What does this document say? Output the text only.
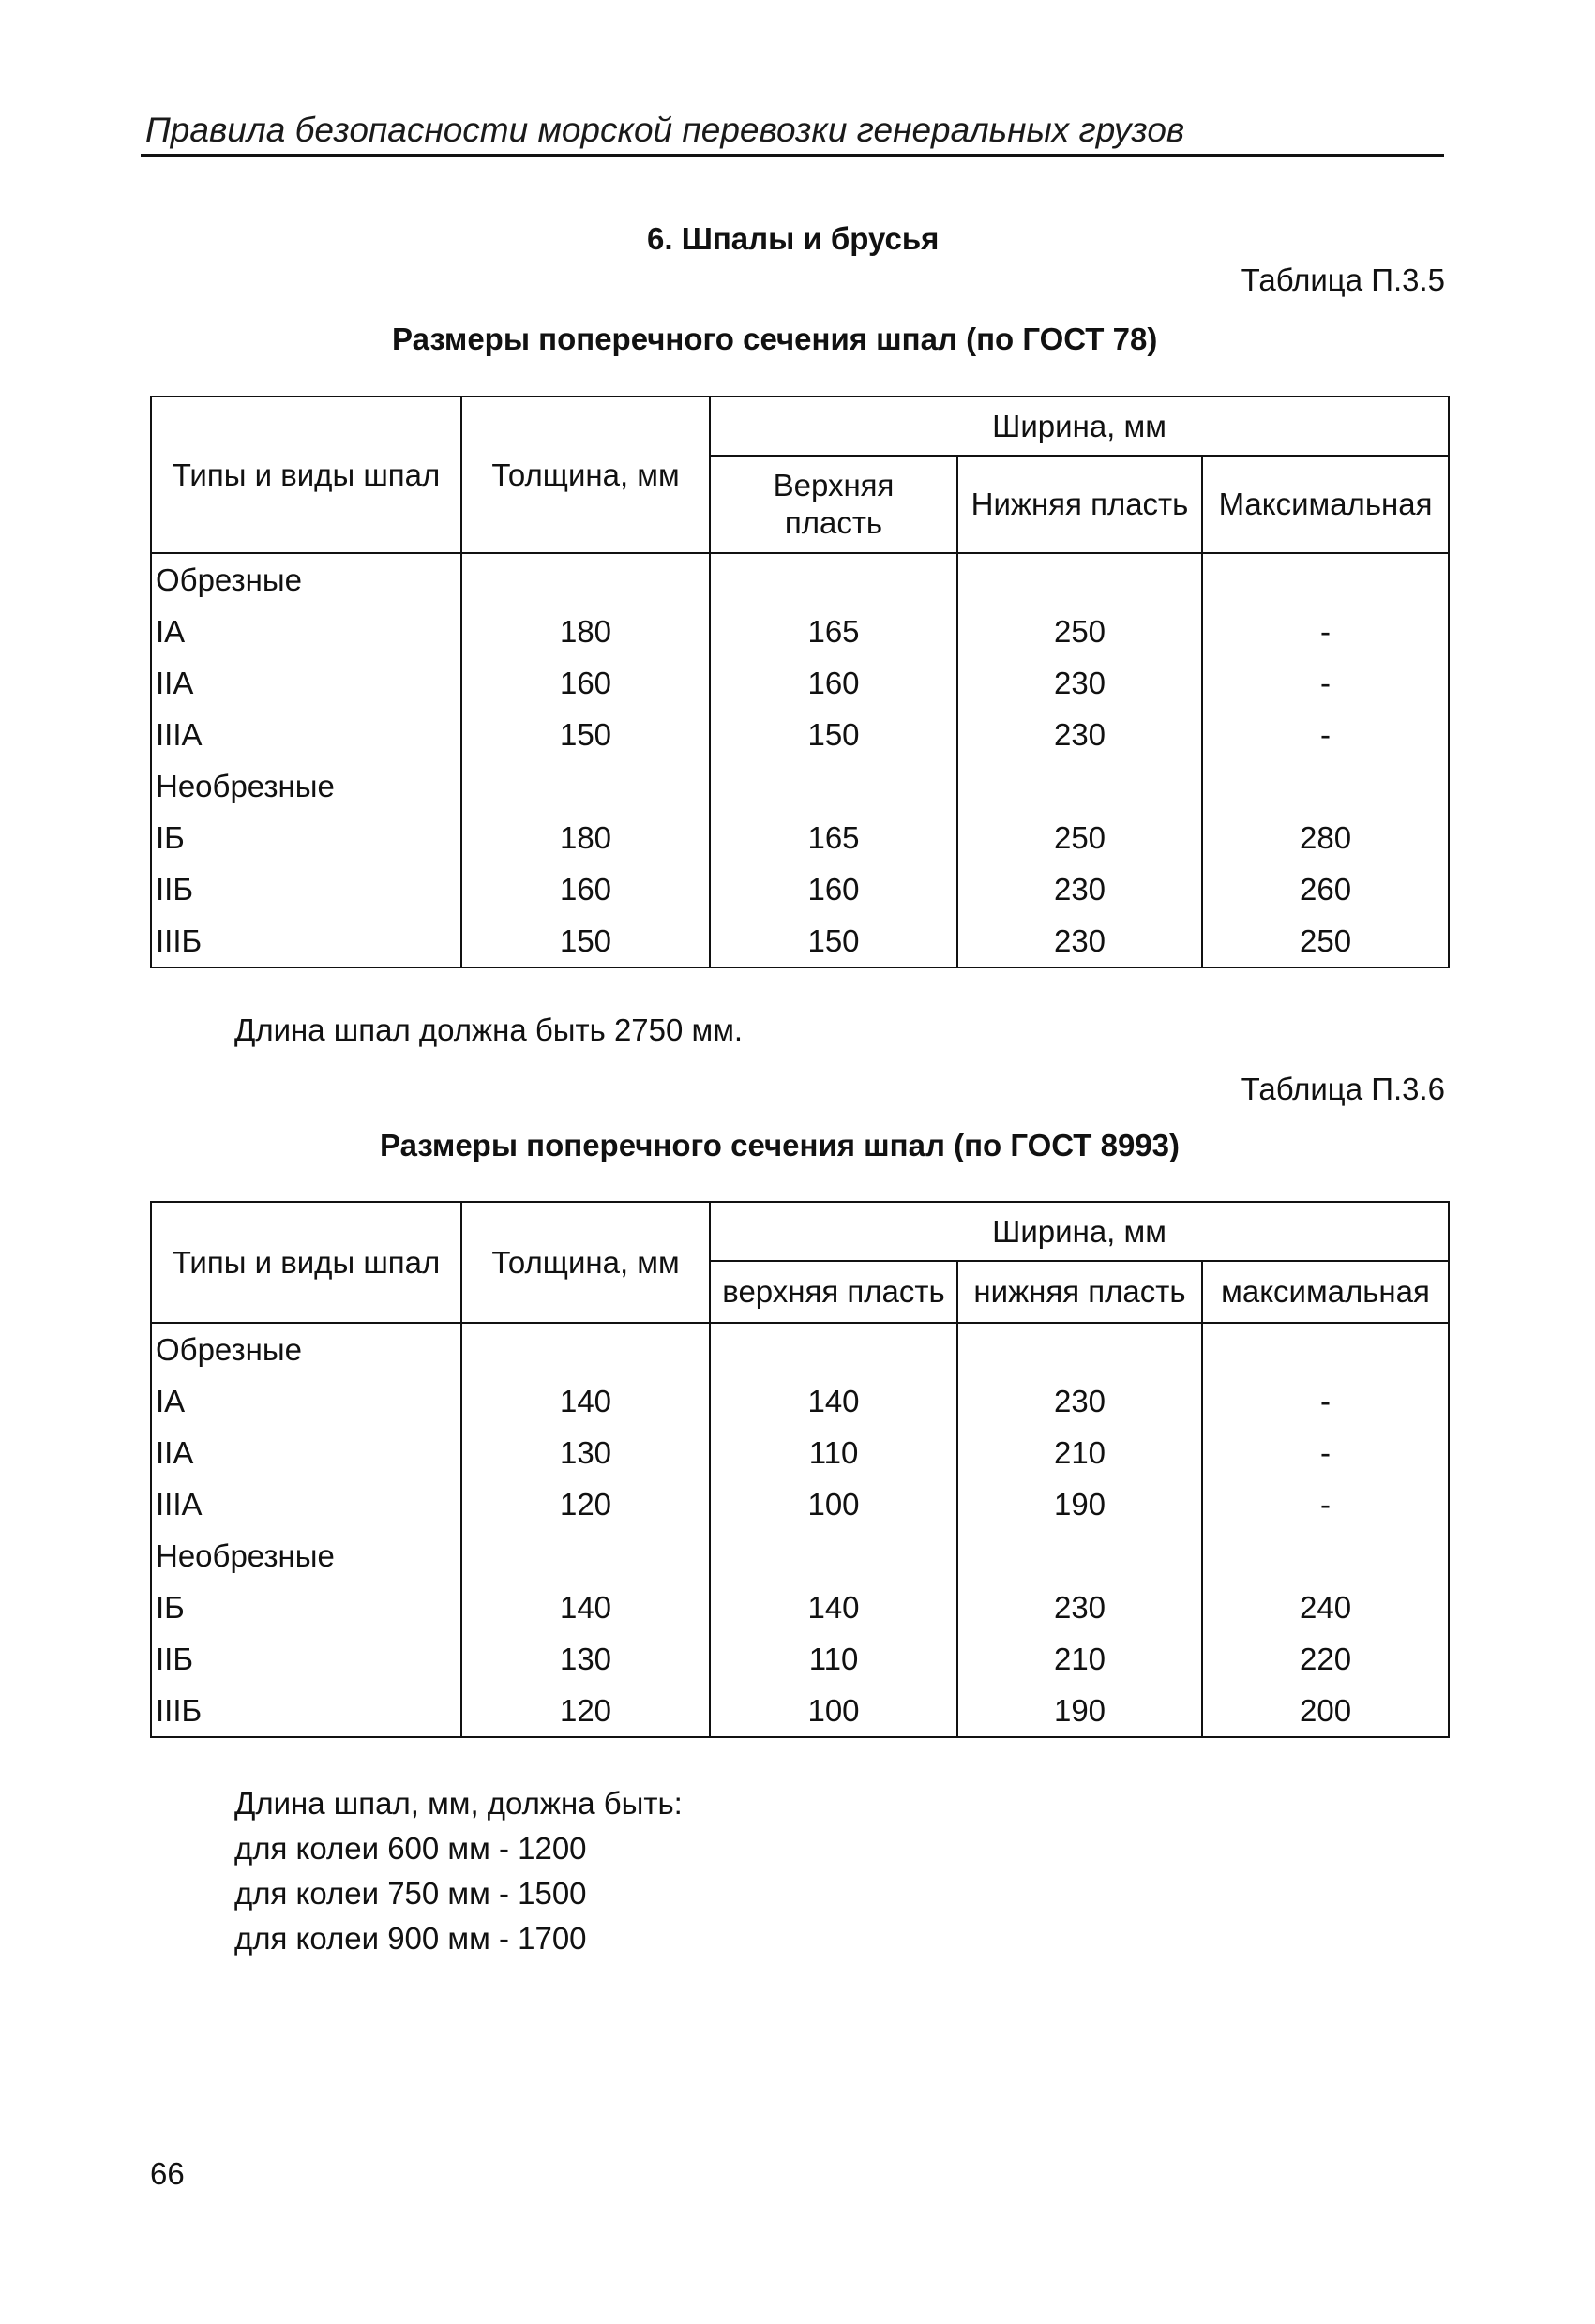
Правила безопасности морской перевозки генеральных грузов
6. Шпалы и брусья
Таблица П.3.5
Размеры поперечного сечения шпал (по ГОСТ 78)
Типы и виды шпал	Толщина, мм	Ширина, мм		
		Верхняя пласть	Нижняя пласть	Максимальная
Обрезные				
IA	180	165	250	-
IIA	160	160	230	-
IIIA	150	150	230	-
Необрезные				
IБ	180	165	250	280
IIБ	160	160	230	260
IIIБ	150	150	230	250
Длина шпал должна быть 2750 мм.
Таблица П.3.6
Размеры поперечного сечения шпал (по ГОСТ 8993)
Типы и виды шпал	Толщина, мм	Ширина, мм		
		верхняя пласть	нижняя пласть	максимальная
Обрезные				
IA	140	140	230	-
IIA	130	110	210	-
IIIA	120	100	190	-
Необрезные				
IБ	140	140	230	240
IIБ	130	110	210	220
IIIБ	120	100	190	200
Длина шпал, мм, должна быть:
для колеи 600 мм - 1200
для колеи 750 мм - 1500
для колеи 900 мм - 1700
66
